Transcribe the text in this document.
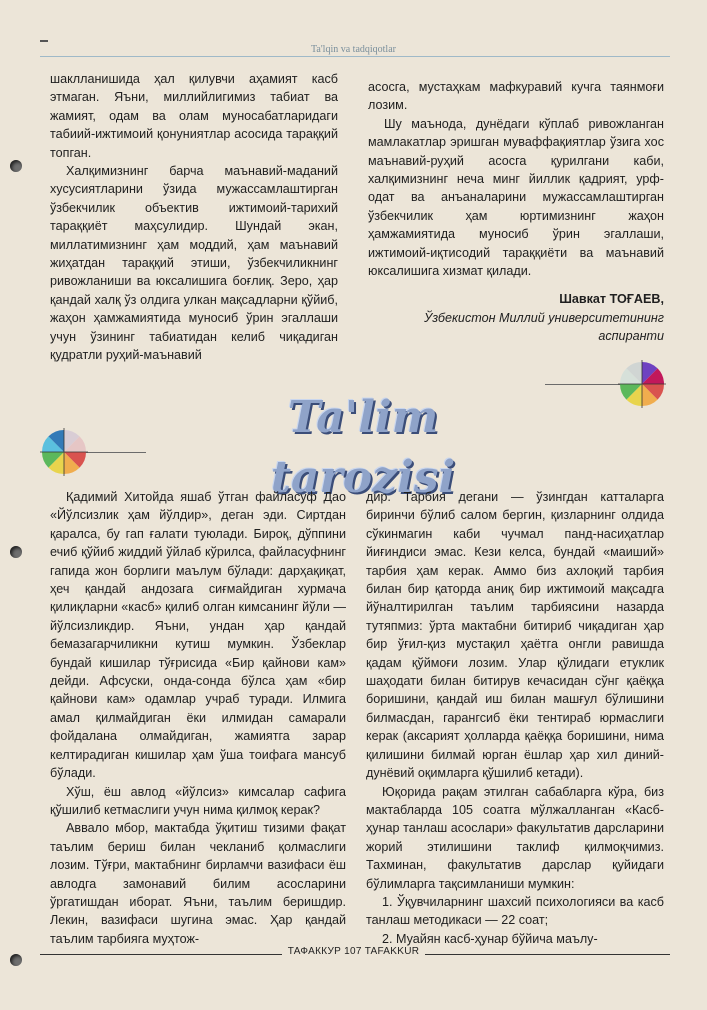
Ta'lqin va tadqiqotlar

шаклланишида ҳал қилувчи аҳамият касб этмаган. Яъни, миллийлигимиз табиат ва жамият, одам ва олам муносабатларидаги табиий-ижтимоий қонуниятлар асосида тараққий топган.

Халқимизнинг барча маънавий-маданий хусусиятларини ўзида мужассамлаштирган ўзбекчилик объектив ижтимоий-тарихий тараққиёт маҳсулидир. Шундай экан, миллатимизнинг ҳам моддий, ҳам маънавий жиҳатдан тараққий этиши, ўзбекчиликнинг ривожланиши ва юксалишига боғлиқ. Зеро, ҳар қандай халқ ўз олдига улкан мақсадларни қўйиб, жаҳон ҳамжамиятида муносиб ўрин эгаллаши учун ўзининг табиатидан келиб чиқадиган қудратли руҳий-маънавий

асосга, мустаҳкам мафкуравий кучга таянмоғи лозим.

Шу маънода, дунёдаги кўплаб ривожланган мамлакатлар эришган муваффақиятлар ўзига хос маънавий-руҳий асосга қурилгани каби, халқимизнинг неча минг йиллик қадрият, урф-одат ва анъаналарини мужассамлаштирган ўзбекчилик ҳам юртимизнинг жаҳон ҳамжамиятида муносиб ўрин эгаллаши, ижтимоий-иқтисодий тараққиёти ва маънавий юксалишига хизмат қилади.

Шавкат ТОҒАЕВ,

Ўзбекистон Миллий университетининг

аспиранти

Ta'lim tarozisi

Қадимий Хитойда яшаб ўтган файласуф Дао «Йўлсизлик ҳам йўлдир», деган эди. Сиртдан қаралса, бу гап ғалати туюлади. Бироқ, дўппини ечиб қўйиб жиддий ўйлаб кўрилса, файласуфнинг гапида жон борлиги маълум бўлади: дарҳақиқат, ҳеч қандай андозага сиғмайдиган хурмача қилиқларни «касб» қилиб олган кимсанинг йўли — йўлсизликдир. Яъни, ундан ҳар қандай бемазагарчиликни кутиш мумкин. Ўзбеклар бундай кишилар тўғрисида «Бир қайнови кам» дейди. Афсуски, онда-сонда бўлса ҳам «бир қайнови кам» одамлар учраб туради. Илмига амал қилмайдиган ёки илмидан самарали фойдалана олмайдиган, жамиятга зарар келтирадиган кишилар ҳам ўша тоифага мансуб бўлади.

Хўш, ёш авлод «йўлсиз» кимсалар сафига қўшилиб кетмаслиги учун нима қилмоқ керак?

Аввало мбор, мактабда ўқитиш тизими фақат таълим бериш билан чекланиб қолмаслиги лозим. Тўғри, мактабнинг бирламчи вазифаси ёш авлодга замонавий билим асосларини ўргатишдан иборат. Яъни, таълим беришдир. Лекин, вазифаси шугина эмас. Ҳар қандай таълим тарбияга муҳтож-

дир. Тарбия дегани — ўзингдан катталарга биринчи бўлиб салом бергин, қизларнинг олдида сўкинмагин каби чучмал панд-насиҳатлар йиғиндиси эмас. Кези келса, бундай «маиший» тарбия ҳам керак. Аммо биз ахлоқий тарбия билан бир қаторда аниқ бир ижтимоий мақсадга йўналтирилган таълим тарбиясини назарда тутяпмиз: ўрта мактабни битириб чиқадиган ҳар бир ўғил-қиз мустақил ҳаётга онгли равишда қадам қўймоғи лозим. Улар қўлидаги етуклик шаҳодати билан битирув кечасидан сўнг қаёққа боришини, қандай иш билан машғул бўлишини билмасдан, гарангсиб ёки тентираб юрмаслиги керак (аксарият ҳолларда қаёққа боришини, нима қилишини билмай юрган ёшлар ҳар хил диний-дунёвий оқимларга қўшилиб кетади).

Юқорида рақам этилган сабабларга кўра, биз мактабларда 105 соатга мўлжалланган «Касб-ҳунар танлаш асослари» факультатив дарсларини жорий этилишини таклиф қилмоқчимиз. Тахминан, факультатив дарслар қуйидаги бўлимларга тақсимланиши мумкин:

1. Ўқувчиларнинг шахсий психологияси ва касб танлаш методикаси — 22 соат;

2. Муайян касб-ҳунар бўйича маълу-

ТАФАККУР 107 TAFAKKUR
